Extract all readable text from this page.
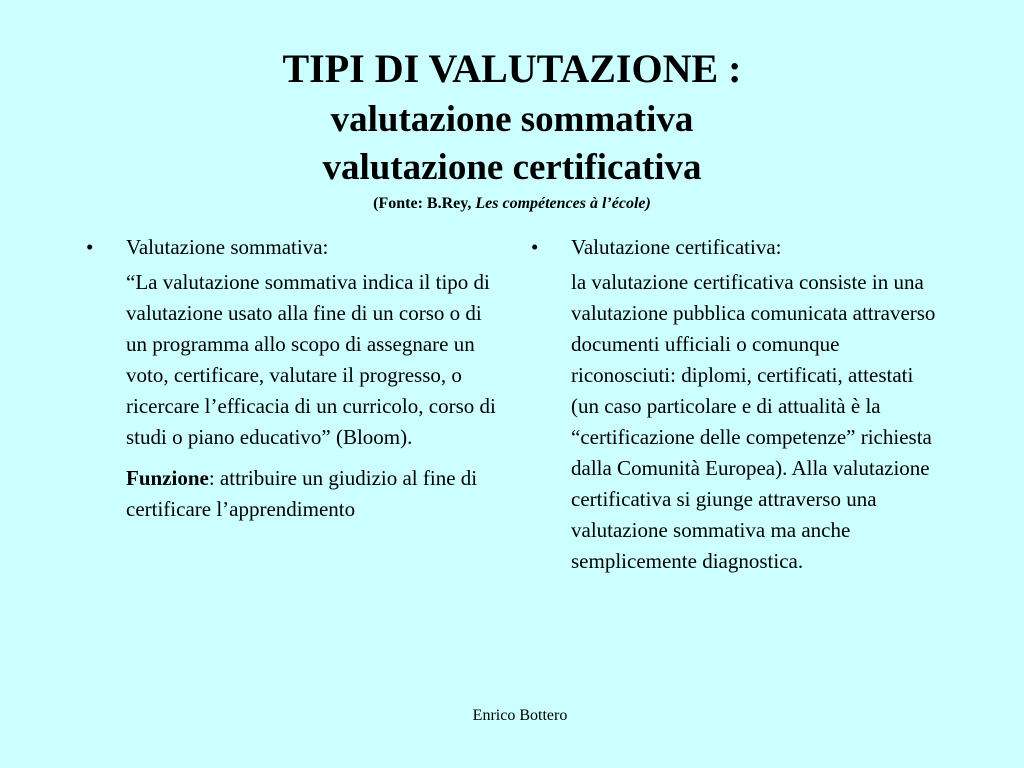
TIPI DI VALUTAZIONE :
valutazione sommativa
valutazione certificativa
(Fonte: B.Rey, Les compétences à l’école)
• Valutazione sommativa:
“La valutazione sommativa indica il tipo di valutazione usato alla fine di un corso o di un programma allo scopo di assegnare un voto, certificare, valutare il progresso, o ricercare l’efficacia di un curricolo, corso di studi o piano educativo” (Bloom).
Funzione: attribuire un giudizio al fine di certificare l’apprendimento
• Valutazione certificativa:
la valutazione certificativa consiste in una valutazione pubblica comunicata attraverso documenti ufficiali o comunque riconosciuti: diplomi, certificati, attestati (un caso particolare e di attualità è la “certificazione delle competenze” richiesta dalla Comunità Europea). Alla valutazione certificativa si giunge attraverso una valutazione sommativa ma anche semplicemente diagnostica.
Enrico Bottero
